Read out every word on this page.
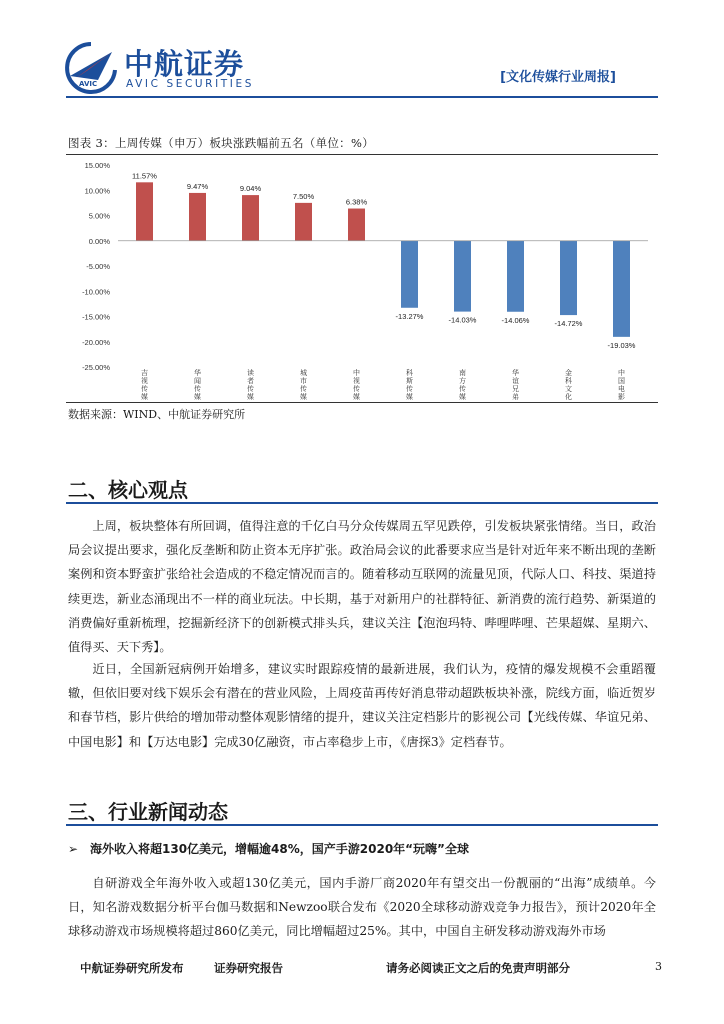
AVIC
中航证券
AVIC SECURITIES	[文化传媒行业周报]
图表 3：上周传媒（申万）板块涨跌幅前五名（单位：%）
15.00%
10.00%
5.00%
0.00%
-5.00%
-10.00%
-15.00%
-20.00%
-25.00%
11.57%
吉视传媒
9.47%
华闻传媒
9.04%
读者传媒
7.50%
城市传媒
6.38%
中视传媒
-13.27%
科斯传媒
-14.03%
南方传媒
-14.06%
华谊兄弟
-14.72%
金科文化
-19.03%
中国电影
数据来源：WIND、中航证券研究所
二、核心观点

上周，板块整体有所回调，值得注意的千亿白马分众传媒周五罕见跌停，引发板块紧张情绪。当日，政治局会议提出要求，强化反垄断和防止资本无序扩张。政治局会议的此番要求应当是针对近年来不断出现的垄断案例和资本野蛮扩张给社会造成的不稳定情况而言的。随着移动互联网的流量见顶，代际人口、科技、渠道持续更迭，新业态涌现出不一样的商业玩法。中长期，基于对新用户的社群特征、新消费的流行趋势、新渠道的消费偏好重新梳理，挖掘新经济下的创新模式排头兵，建议关注【泡泡玛特、哔哩哔哩、芒果超媒、星期六、值得买、天下秀】。

近日，全国新冠病例开始增多，建议实时跟踪疫情的最新进展，我们认为，疫情的爆发规模不会重蹈覆辙，但依旧要对线下娱乐会有潜在的营业风险，上周疫苗再传好消息带动超跌板块补涨，院线方面，临近贺岁和春节档，影片供给的增加带动整体观影情绪的提升，建议关注定档影片的影视公司【光线传媒、华谊兄弟、中国电影】和【万达电影】完成30亿融资，市占率稳步上市，《唐探3》定档春节。

三、行业新闻动态
➢ 海外收入将超130亿美元，增幅逾48%，国产手游2020年“玩嗨”全球

自研游戏全年海外收入或超130亿美元，国内手游厂商2020年有望交出一份靓丽的“出海”成绩单。今日，知名游戏数据分析平台伽马数据和Newzoo联合发布《2020全球移动游戏竞争力报告》，预计2020年全球移动游戏市场规模将超过860亿美元，同比增幅超过25%。其中，中国自主研发移动游戏海外市场

中航证券研究所发布	证券研究报告	请务必阅读正文之后的免责声明部分	3
